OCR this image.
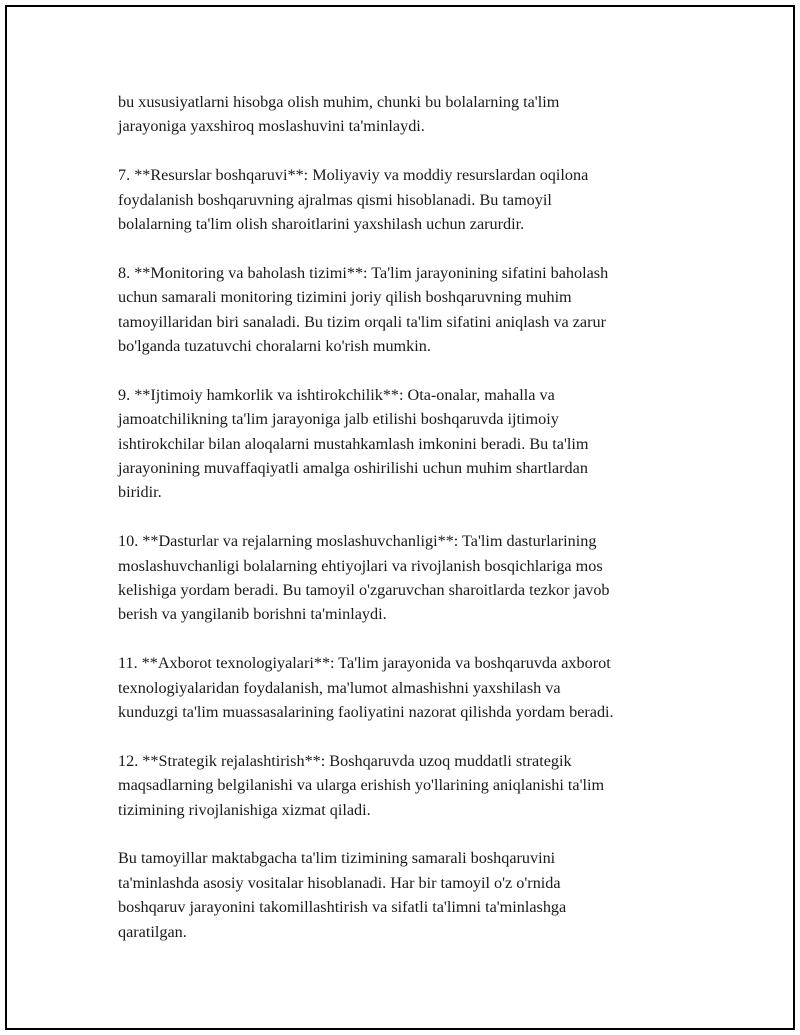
bu xususiyatlarni hisobga olish muhim, chunki bu bolalarning ta'lim
jarayoniga yaxshiroq moslashuvini ta'minlaydi.

7. **Resurslar boshqaruvi**: Moliyaviy va moddiy resurslardan oqilona
foydalanish boshqaruvning ajralmas qismi hisoblanadi. Bu tamoyil
bolalarning ta'lim olish sharoitlarini yaxshilash uchun zarurdir.

8. **Monitoring va baholash tizimi**: Ta'lim jarayonining sifatini baholash
uchun samarali monitoring tizimini joriy qilish boshqaruvning muhim
tamoyillaridan biri sanaladi. Bu tizim orqali ta'lim sifatini aniqlash va zarur
bo'lganda tuzatuvchi choralarni ko'rish mumkin.

9. **Ijtimoiy hamkorlik va ishtirokchilik**: Ota-onalar, mahalla va
jamoatchilikning ta'lim jarayoniga jalb etilishi boshqaruvda ijtimoiy
ishtirokchilar bilan aloqalarni mustahkamlash imkonini beradi. Bu ta'lim
jarayonining muvaffaqiyatli amalga oshirilishi uchun muhim shartlardan
biridir.

10. **Dasturlar va rejalarning moslashuvchanligi**: Ta'lim dasturlarining
moslashuvchanligi bolalarning ehtiyojlari va rivojlanish bosqichlariga mos
kelishiga yordam beradi. Bu tamoyil o'zgaruvchan sharoitlarda tezkor javob
berish va yangilanib borishni ta'minlaydi.

11. **Axborot texnologiyalari**: Ta'lim jarayonida va boshqaruvda axborot
texnologiyalaridan foydalanish, ma'lumot almashishni yaxshilash va
kunduzgi ta'lim muassasalarining faoliyatini nazorat qilishda yordam beradi.

12. **Strategik rejalashtirish**: Boshqaruvda uzoq muddatli strategik
maqsadlarning belgilanishi va ularga erishish yo'llarining aniqlanishi ta'lim
tizimining rivojlanishiga xizmat qiladi.

Bu tamoyillar maktabgacha ta'lim tizimining samarali boshqaruvini
ta'minlashda asosiy vositalar hisoblanadi. Har bir tamoyil o'z o'rnida
boshqaruv jarayonini takomillashtirish va sifatli ta'limni ta'minlashga
qaratilgan.
